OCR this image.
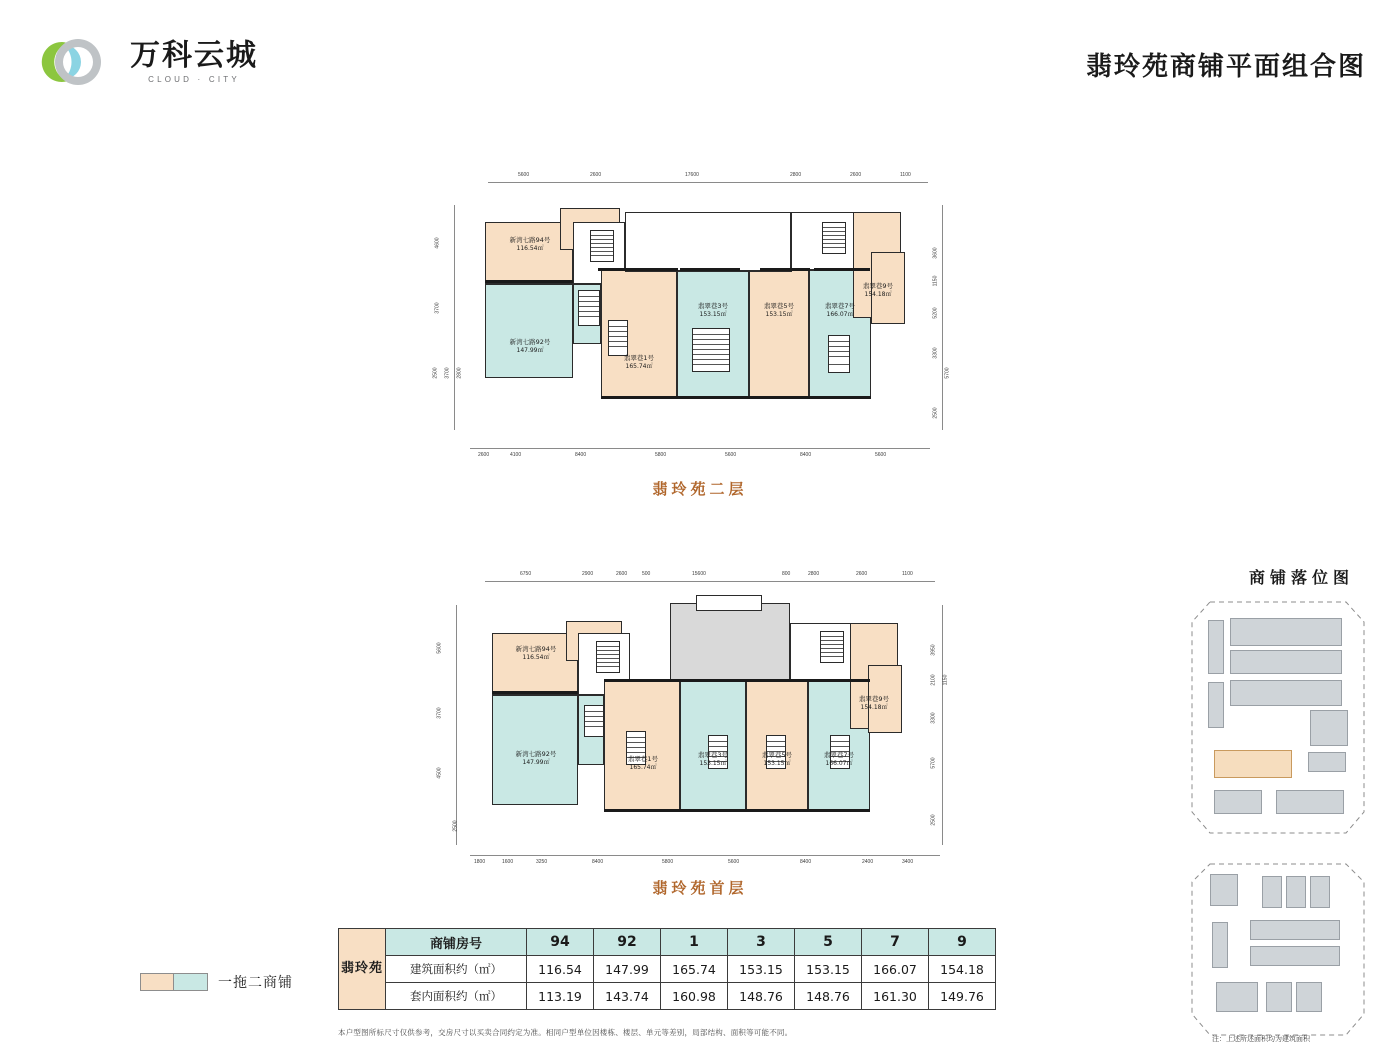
万科云城
CLOUD · CITY	翡玲苑商铺平面组合图
5600	2600	17600	2800	2600	1100
4600
3700
2500 3700 2800
3600
1150
5200
3300
5700
2500
2600	4100	8400	5800	5600	8400	5600
新湾七路94号
116.54㎡
新湾七路92号
147.99㎡
翡翠巷1号
165.74㎡
翡翠巷3号
153.15㎡
翡翠巷5号
153.15㎡
翡翠巷7号
166.07㎡
翡翠巷9号
154.18㎡
翡玲苑二层
6750	2900	2600	500	15600	800	2800	2600	1100
5600
3700
4500
2500
3950
2100 1150
3300
5700
2500
1800	1600	3250	8400	5800	5600	8400	2400	3400
新湾七路94号
116.54㎡
新湾七路92号
147.99㎡	翡翠巷1号
165.74㎡
翡翠巷3号
153.15㎡
翡翠巷5号
153.15㎡
翡翠巷7号
166.07㎡
翡翠巷9号
154.18㎡
翡玲苑首层
商铺落位图
注：上述所述面积均为建筑面积
一拖二商铺
翡玲苑	商铺房号	94	92	1	3	5	7	9
	建筑面积约（㎡）	116.54	147.99	165.74	153.15	153.15	166.07	154.18
	套内面积约（㎡）	113.19	143.74	160.98	148.76	148.76	161.30	149.76
本户型图所标尺寸仅供参考，交房尺寸以买卖合同约定为准。相同户型单位因楼栋、楼层、单元等差别，局部结构、面积等可能不同。
